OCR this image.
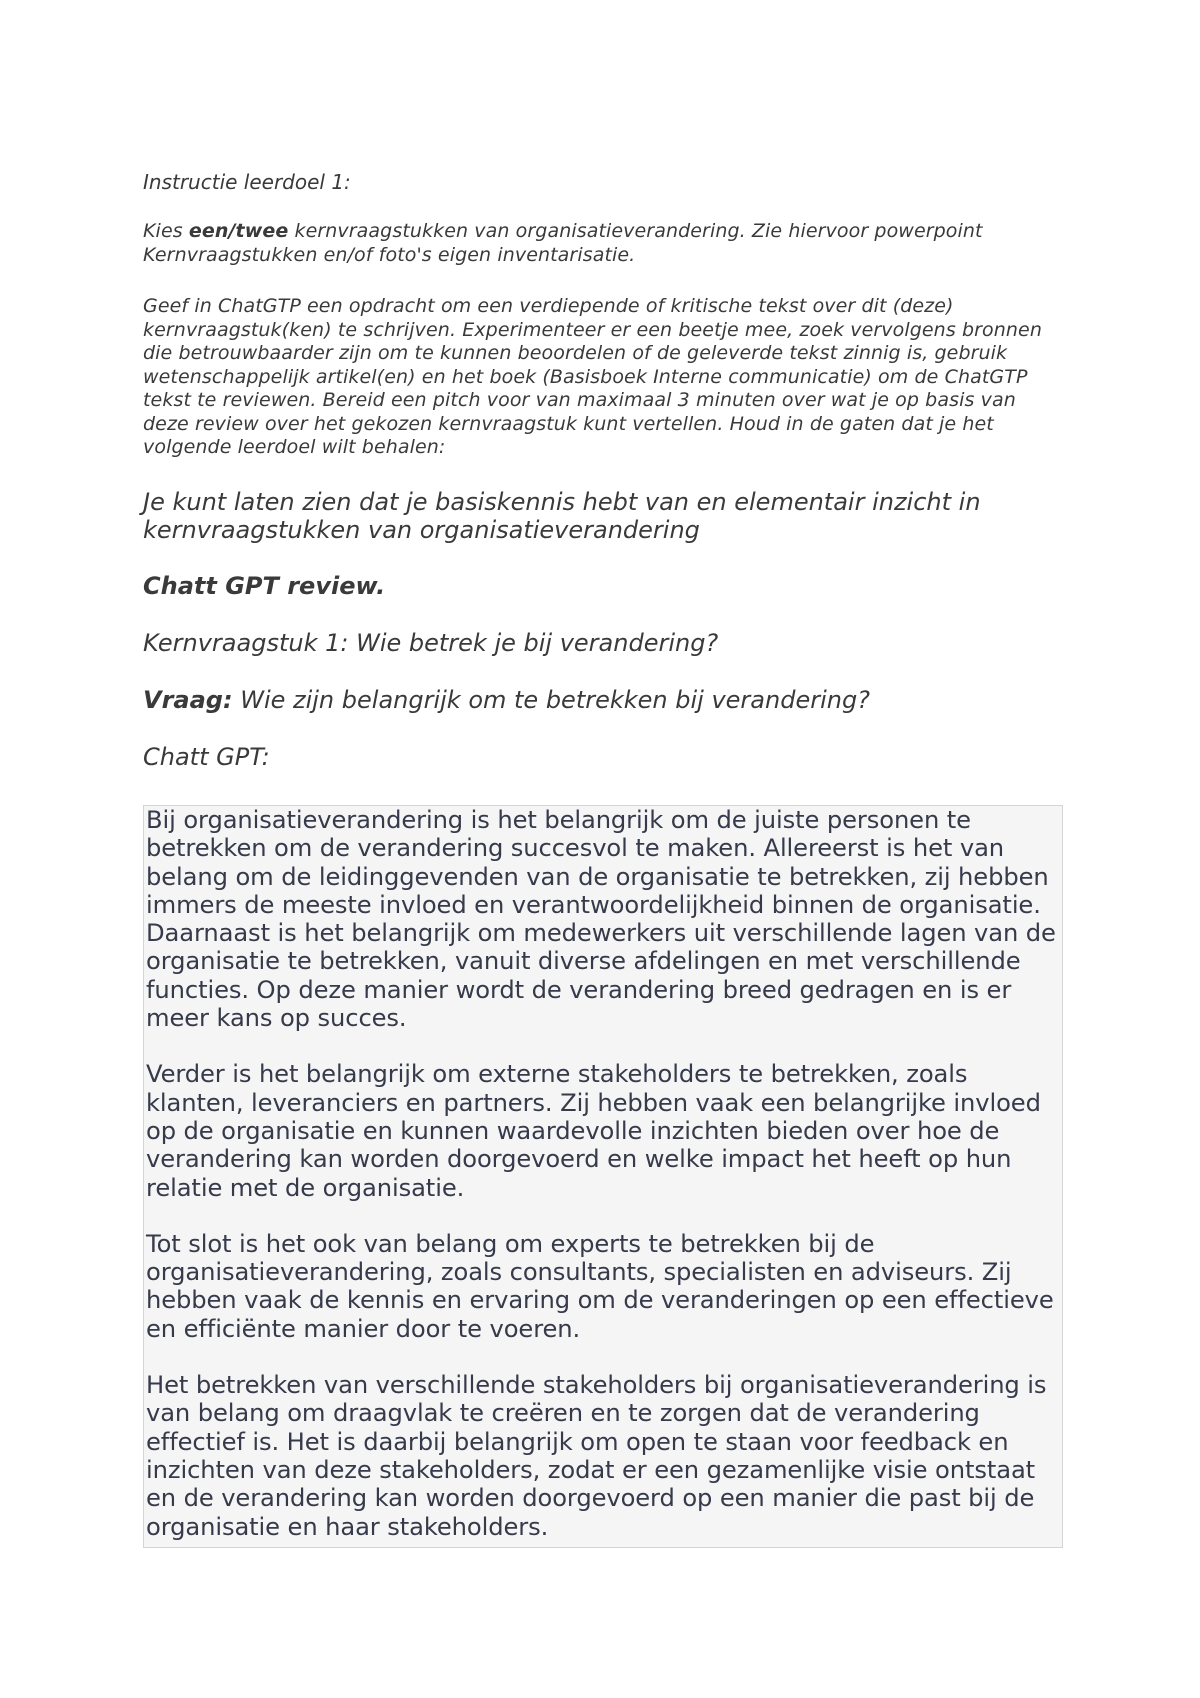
Instructie leerdoel 1:

Kies een/twee kernvraagstukken van organisatieverandering. Zie hiervoor powerpoint Kernvraagstukken en/of foto's eigen inventarisatie.

Geef in ChatGTP een opdracht om een verdiepende of kritische tekst over dit (deze) kernvraagstuk(ken) te schrijven. Experimenteer er een beetje mee, zoek vervolgens bronnen die betrouwbaarder zijn om te kunnen beoordelen of de geleverde tekst zinnig is, gebruik wetenschappelijk artikel(en) en het boek (Basisboek Interne communicatie) om de ChatGTP tekst te reviewen. Bereid een pitch voor van maximaal 3 minuten over wat je op basis van deze review over het gekozen kernvraagstuk kunt vertellen. Houd in de gaten dat je het volgende leerdoel wilt behalen:

Je kunt laten zien dat je basiskennis hebt van en elementair inzicht in kernvraagstukken van organisatieverandering

Chatt GPT review.

Kernvraagstuk 1: Wie betrek je bij verandering?

Vraag: Wie zijn belangrijk om te betrekken bij verandering?

Chatt GPT:

Bij organisatieverandering is het belangrijk om de juiste personen te betrekken om de verandering succesvol te maken. Allereerst is het van belang om de leidinggevenden van de organisatie te betrekken, zij hebben immers de meeste invloed en verantwoordelijkheid binnen de organisatie. Daarnaast is het belangrijk om medewerkers uit verschillende lagen van de organisatie te betrekken, vanuit diverse afdelingen en met verschillende functies. Op deze manier wordt de verandering breed gedragen en is er meer kans op succes.

Verder is het belangrijk om externe stakeholders te betrekken, zoals klanten, leveranciers en partners. Zij hebben vaak een belangrijke invloed op de organisatie en kunnen waardevolle inzichten bieden over hoe de verandering kan worden doorgevoerd en welke impact het heeft op hun relatie met de organisatie.

Tot slot is het ook van belang om experts te betrekken bij de organisatieverandering, zoals consultants, specialisten en adviseurs. Zij hebben vaak de kennis en ervaring om de veranderingen op een effectieve en efficiënte manier door te voeren.

Het betrekken van verschillende stakeholders bij organisatieverandering is van belang om draagvlak te creëren en te zorgen dat de verandering effectief is. Het is daarbij belangrijk om open te staan voor feedback en inzichten van deze stakeholders, zodat er een gezamenlijke visie ontstaat en de verandering kan worden doorgevoerd op een manier die past bij de organisatie en haar stakeholders.
